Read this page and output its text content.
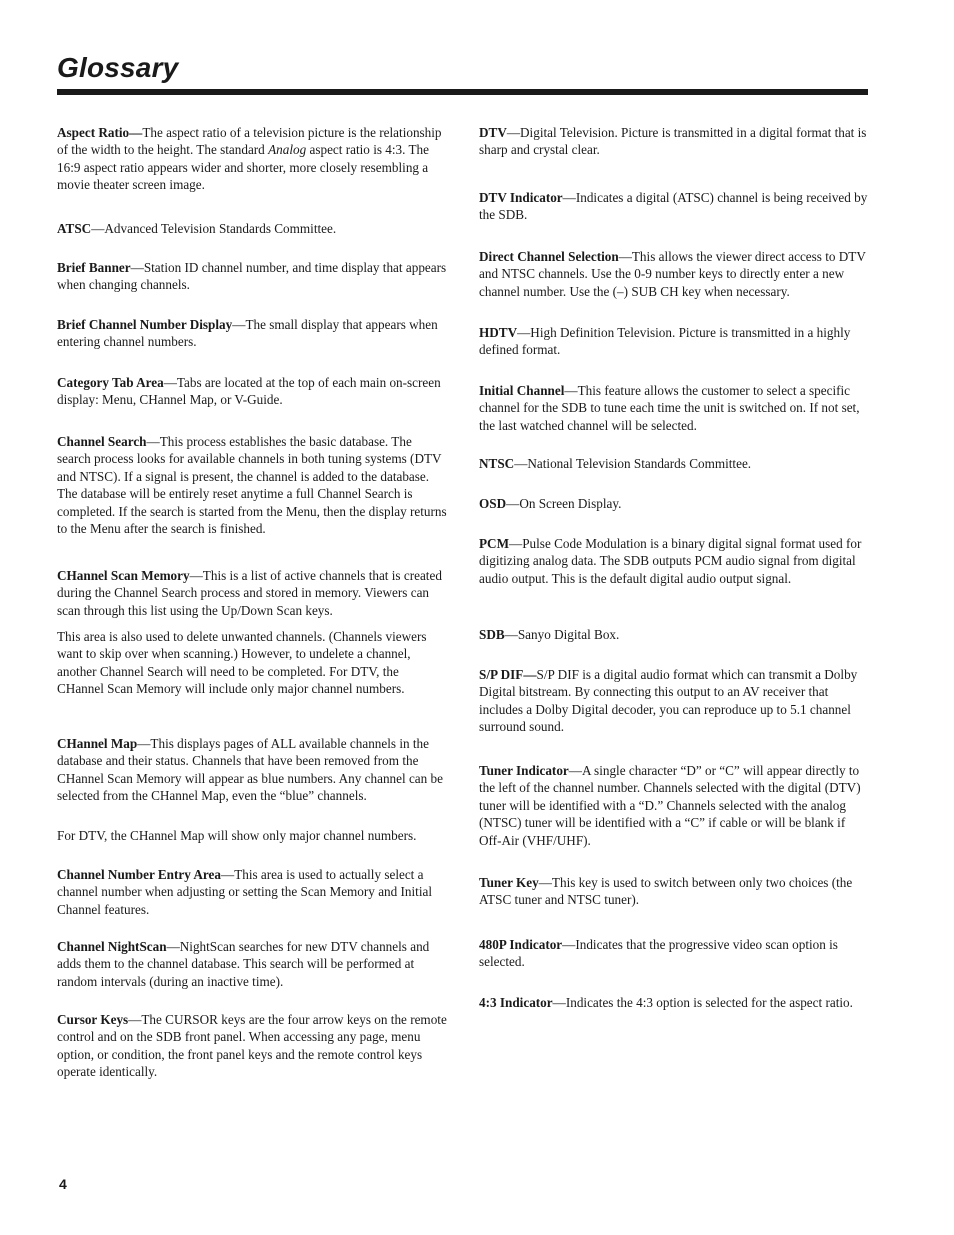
Glossary

Aspect Ratio—The aspect ratio of a television picture is the relationship of the width to the height. The standard Analog aspect ratio is 4:3. The 16:9 aspect ratio appears wider and shorter, more closely resembling a movie theater screen image.

ATSC—Advanced Television Standards Committee.

Brief Banner—Station ID channel number, and time display that appears when changing channels.

Brief Channel Number Display—The small display that appears when entering channel numbers.

Category Tab Area—Tabs are located at the top of each main on-screen display: Menu, CHannel Map, or V-Guide.

Channel Search—This process establishes the basic database. The search process looks for available channels in both tuning systems (DTV and NTSC). If a signal is present, the channel is added to the database. The database will be entirely reset anytime a full Channel Search is completed. If the search is started from the Menu, then the display returns to the Menu after the search is finished.

CHannel Scan Memory—This is a list of active channels that is created during the Channel Search process and stored in memory. Viewers can scan through this list using the Up/Down Scan keys.

This area is also used to delete unwanted channels. (Channels viewers want to skip over when scanning.) However, to undelete a channel, another Channel Search will need to be completed. For DTV, the CHannel Scan Memory will include only major channel numbers.

CHannel Map—This displays pages of ALL available channels in the database and their status. Channels that have been removed from the CHannel Scan Memory will appear as blue numbers. Any channel can be selected from the CHannel Map, even the “blue” channels.

For DTV, the CHannel Map will show only major channel numbers.

Channel Number Entry Area—This area is used to actually select a channel number when adjusting or setting the Scan Memory and Initial Channel features.

Channel NightScan—NightScan searches for new DTV channels and adds them to the channel database. This search will be performed at random intervals (during an inactive time).

Cursor Keys—The CURSOR keys are the four arrow keys on the remote control and on the SDB front panel. When accessing any page, menu option, or condition, the front panel keys and the remote control keys operate identically.

DTV—Digital Television. Picture is transmitted in a digital format that is sharp and crystal clear.

DTV Indicator—Indicates a digital (ATSC) channel is being received by the SDB.

Direct Channel Selection—This allows the viewer direct access to DTV and NTSC channels. Use the 0-9 number keys to directly enter a new channel number. Use the (–) SUB CH key when necessary.

HDTV—High Definition Television. Picture is transmitted in a highly defined format.

Initial Channel—This feature allows the customer to select a specific channel for the SDB to tune each time the unit is switched on. If not set, the last watched channel will be selected.

NTSC—National Television Standards Committee.

OSD—On Screen Display.

PCM—Pulse Code Modulation is a binary digital signal format used for digitizing analog data. The SDB outputs PCM audio signal from digital audio output. This is the default digital audio output signal.

SDB—Sanyo Digital Box.

S/P DIF—S/P DIF is a digital audio format which can transmit a Dolby Digital bitstream. By connecting this output to an AV receiver that includes a Dolby Digital decoder, you can reproduce up to 5.1 channel surround sound.

Tuner Indicator—A single character “D” or “C” will appear directly to the left of the channel number. Channels selected with the digital (DTV) tuner will be identified with a “D.” Channels selected with the analog (NTSC) tuner will be identified with a “C” if cable or will be blank if Off-Air (VHF/UHF).

Tuner Key—This key is used to switch between only two choices (the ATSC tuner and NTSC tuner).

480P Indicator—Indicates that the progressive video scan option is selected.

4:3 Indicator—Indicates the 4:3 option is selected for the aspect ratio.

4
